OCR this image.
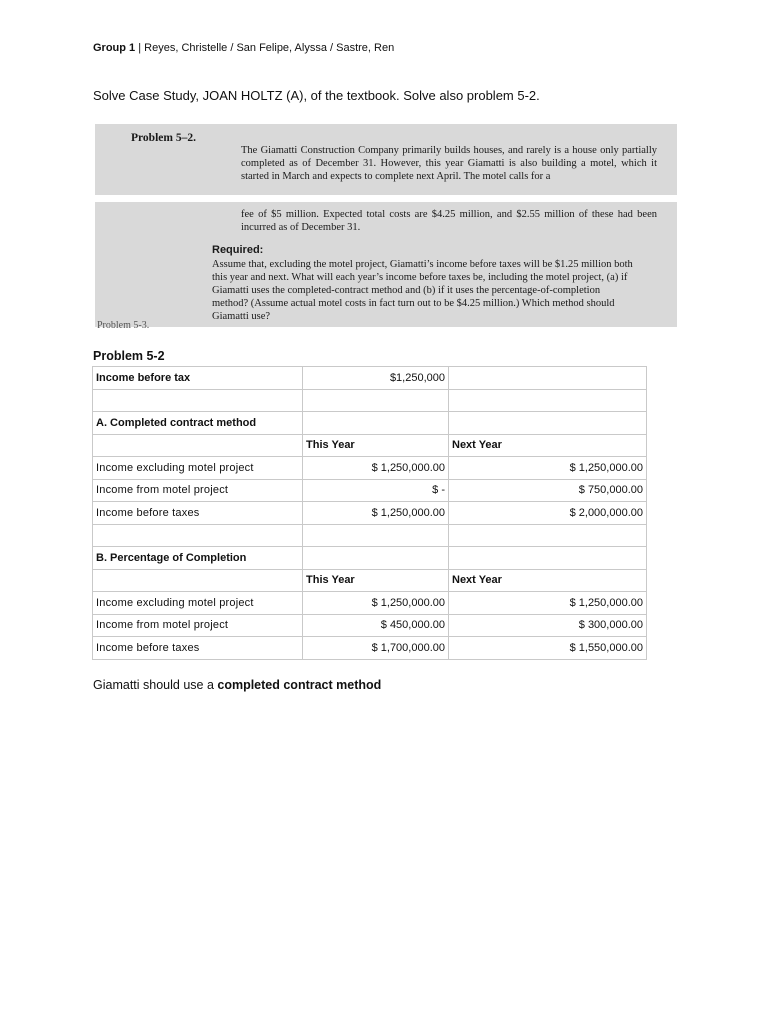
Group 1 | Reyes, Christelle / San Felipe, Alyssa / Sastre, Ren
Solve Case Study, JOAN HOLTZ (A), of the textbook. Solve also problem 5-2.
Problem 5–2.
The Giamatti Construction Company primarily builds houses, and rarely is a house only partially completed as of December 31. However, this year Giamatti is also building a motel, which it started in March and expects to complete next April. The motel calls for a
fee of $5 million. Expected total costs are $4.25 million, and $2.55 million of these had been incurred as of December 31.
Required:
Assume that, excluding the motel project, Giamatti’s income before taxes will be $1.25 million both this year and next. What will each year’s income before taxes be, including the motel project, (a) if Giamatti uses the completed-contract method and (b) if it uses the percentage-of-completion method? (Assume actual motel costs in fact turn out to be $4.25 million.) Which method should Giamatti use?
Problem 5-3.
Problem 5-2
Income before tax	$1,250,000	

A. Completed contract method		
	This Year	Next Year
Income excluding motel project	$ 1,250,000.00	$ 1,250,000.00
Income from motel project	$ -	$ 750,000.00
Income before taxes	$ 1,250,000.00	$ 2,000,000.00

B. Percentage of Completion		
	This Year	Next Year
Income excluding motel project	$ 1,250,000.00	$ 1,250,000.00
Income from motel project	$ 450,000.00	$ 300,000.00
Income before taxes	$ 1,700,000.00	$ 1,550,000.00
Giamatti should use a completed contract method
